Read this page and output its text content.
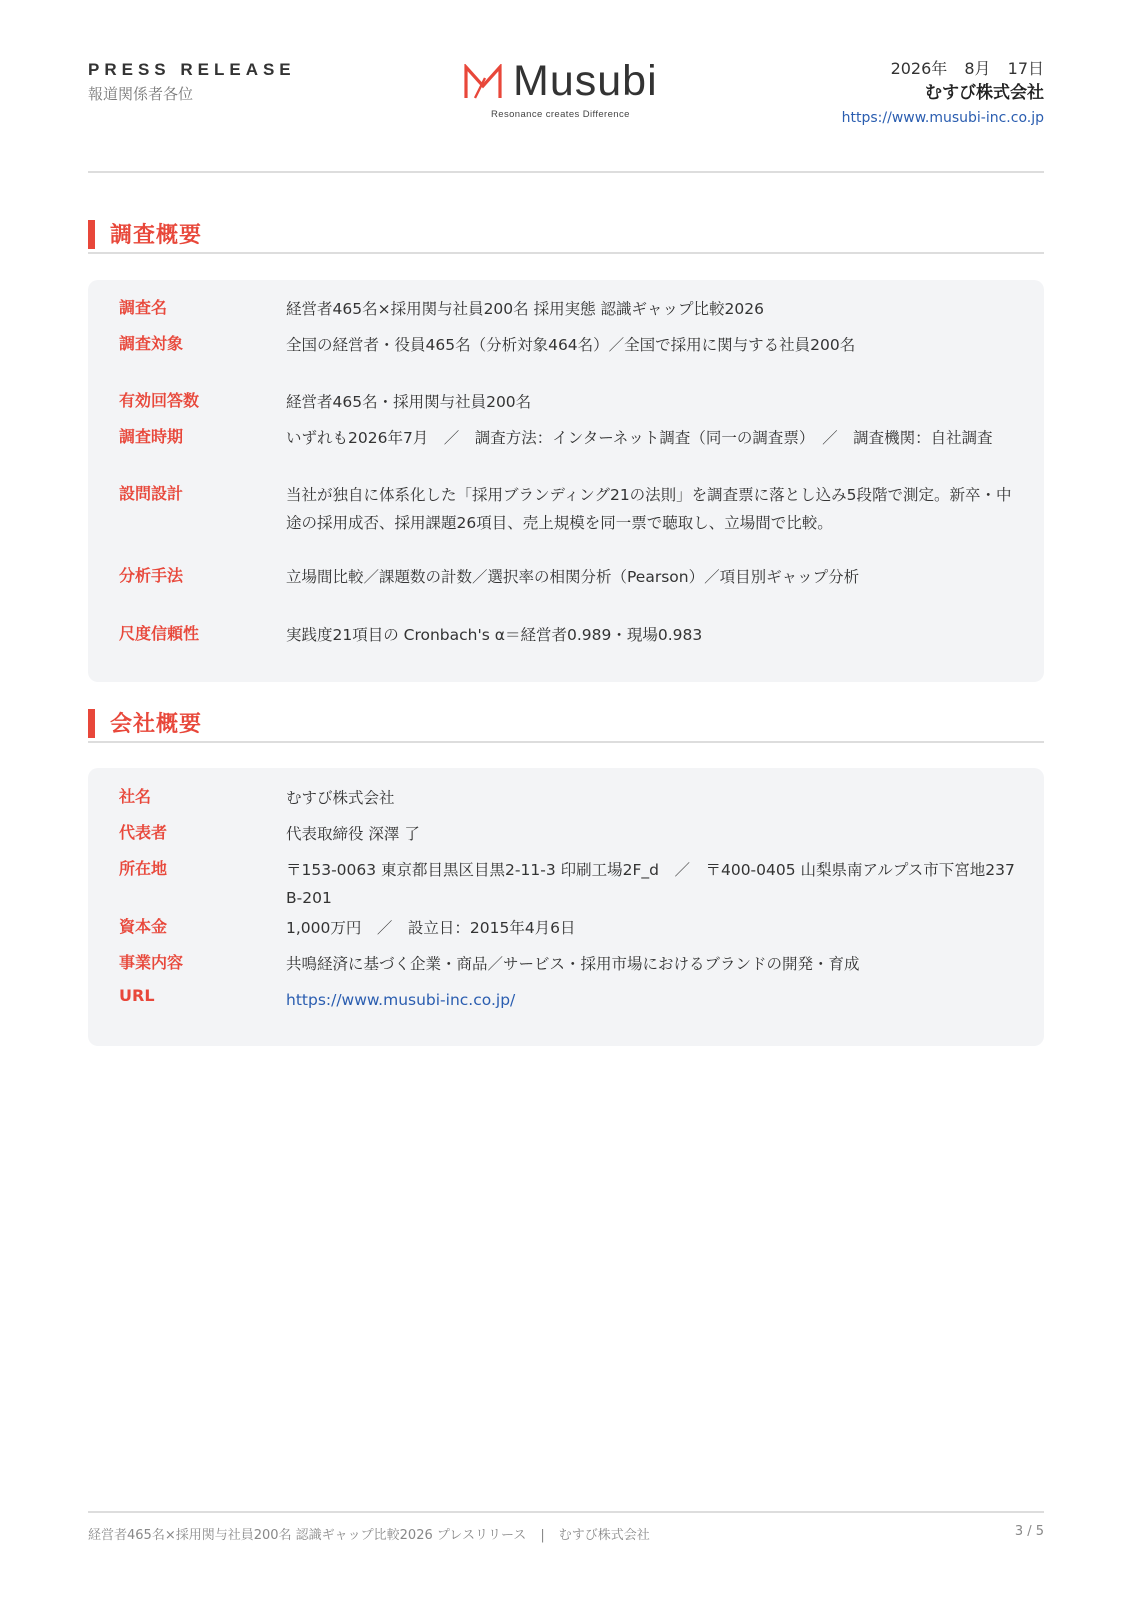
PRESS RELEASE
報道関係者各位	Musubi
Resonance creates Difference
2026年 8月 17日
むすび株式会社
https://www.musubi-inc.co.jp
調査概要
調査名	経営者465名×採用関与社員200名 採用実態 認識ギャップ比較2026
調査対象	全国の経営者・役員465名（分析対象464名）／全国で採用に関与する社員200名
有効回答数	経営者465名・採用関与社員200名
調査時期	いずれも2026年7月　／　調査方法：インターネット調査（同一の調査票）　／　調査機関：自社調査
設問設計	当社が独自に体系化した「採用ブランディング21の法則」を調査票に落とし込み5段階で測定。新卒・中途の採用成否、採用課題26項目、売上規模を同一票で聴取し、立場間で比較。
分析手法	立場間比較／課題数の計数／選択率の相関分析（Pearson）／項目別ギャップ分析
尺度信頼性	実践度21項目の Cronbach's α＝経営者0.989・現場0.983
会社概要
社名	むすび株式会社
代表者	代表取締役 深澤 了
所在地	〒153-0063 東京都目黒区目黒2-11-3 印刷工場2F_d　／　〒400-0405 山梨県南アルプス市下宮地237 B-201
資本金	1,000万円　／　設立日：2015年4月6日
事業内容	共鳴経済に基づく企業・商品／サービス・採用市場におけるブランドの開発・育成
URL	https://www.musubi-inc.co.jp/
経営者465名×採用関与社員200名 認識ギャップ比較2026 プレスリリース | むすび株式会社	3 / 5
